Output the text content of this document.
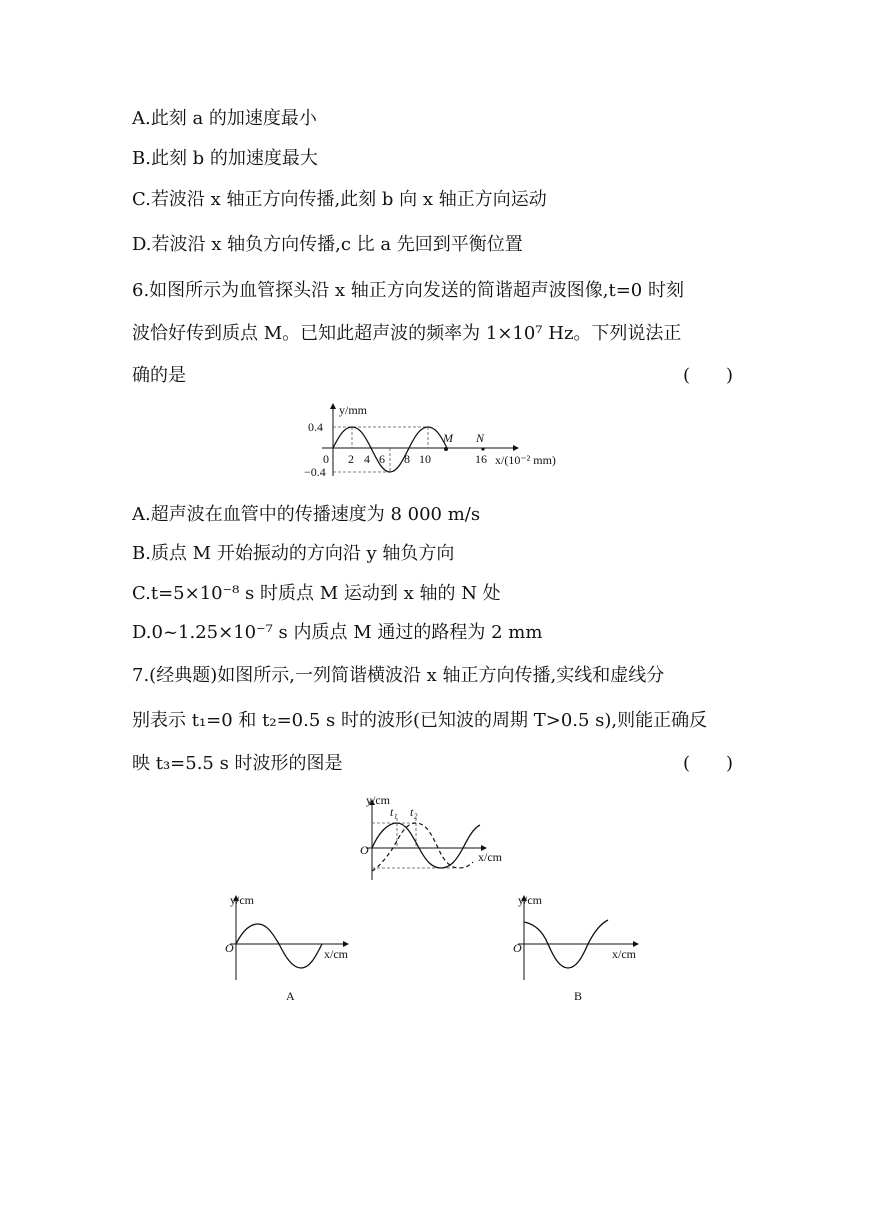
A.此刻 a 的加速度最小
B.此刻 b 的加速度最大
C.若波沿 x 轴正方向传播,此刻 b 向 x 轴正方向运动
D.若波沿 x 轴负方向传播,c 比 a 先回到平衡位置
6.如图所示为血管探头沿 x 轴正方向发送的简谐超声波图像,t=0 时刻
波恰好传到质点 M。已知此超声波的频率为 1×10⁷ Hz。下列说法正
确的是	(　　)
y/mm
0.4
−0.4
0 2 4 6 8 10	16
M N
x/(10⁻² mm)
A.超声波在血管中的传播速度为 8 000 m/s
B.质点 M 开始振动的方向沿 y 轴负方向
C.t=5×10⁻⁸ s 时质点 M 运动到 x 轴的 N 处
D.0~1.25×10⁻⁷ s 内质点 M 通过的路程为 2 mm
7.(经典题)如图所示,一列简谐横波沿 x 轴正方向传播,实线和虚线分
别表示 t₁=0 和 t₂=0.5 s 时的波形(已知波的周期 T>0.5 s),则能正确反
映 t₃=5.5 s 时波形的图是	(　　)
y/cm
O	x/cm
t₁ t₂
y/cm
O	x/cm
A
y/cm
O	x/cm
B
